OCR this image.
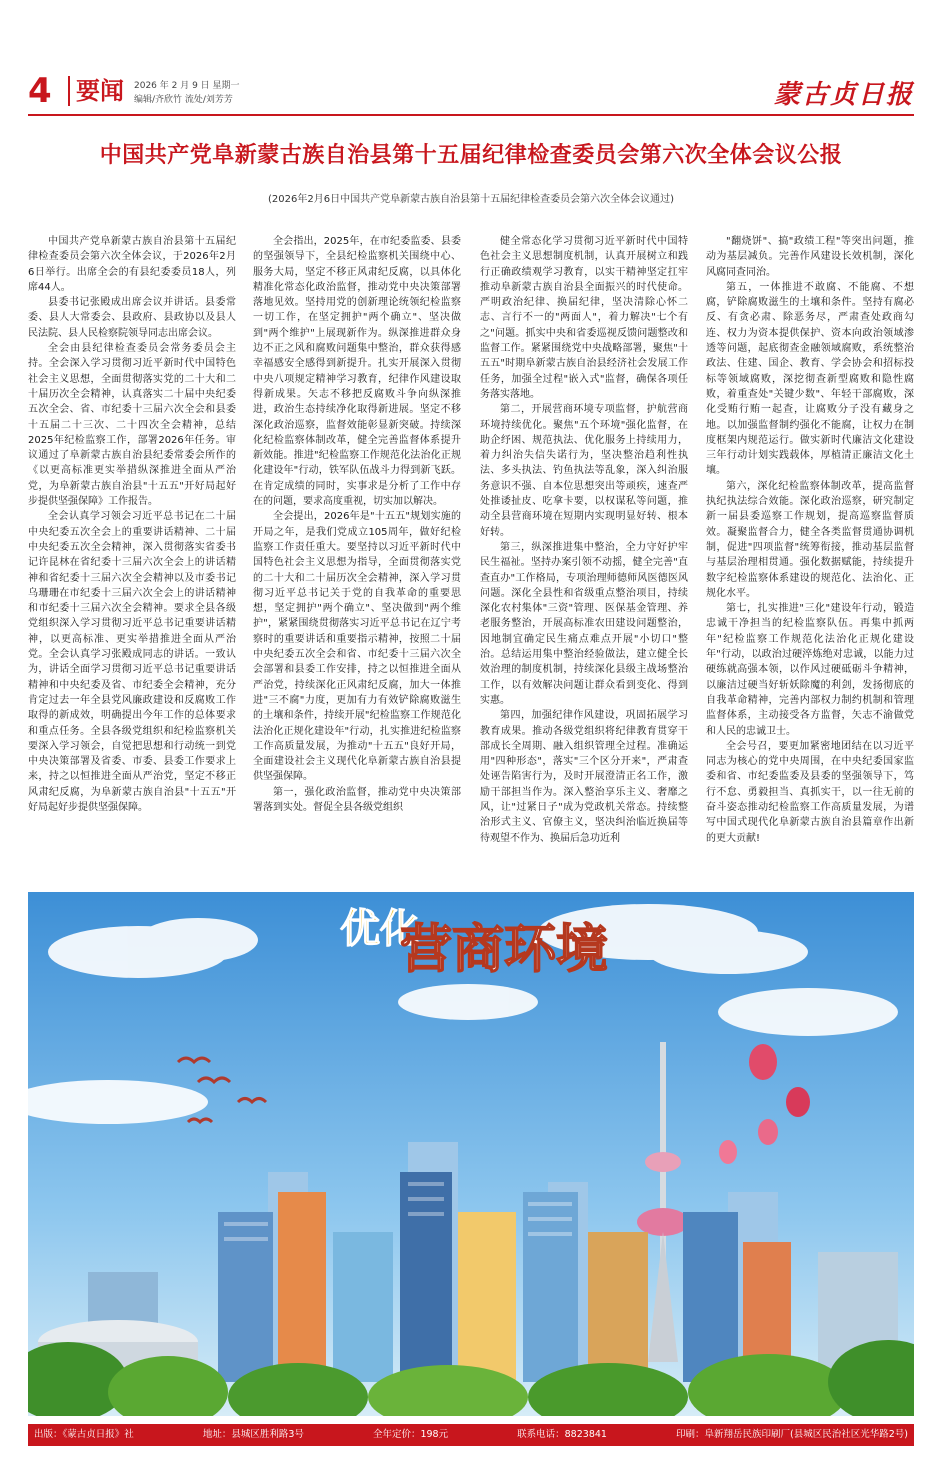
4	要闻 2026 年 2 月 9 日 星期一
编辑/齐欣竹 流处/刘芳芳	蒙古贞日报
中国共产党阜新蒙古族自治县第十五届纪律检查委员会第六次全体会议公报
(2026年2月6日中国共产党阜新蒙古族自治县第十五届纪律检查委员会第六次全体会议通过)

中国共产党阜新蒙古族自治县第十五届纪律检查委员会第六次全体会议，于2026年2月6日举行。出席全会的有县纪委委员18人，列席44人。

县委书记张殿成出席会议并讲话。县委常委、县人大常委会、县政府、县政协以及县人民法院、县人民检察院领导同志出席会议。

全会由县纪律检查委员会常务委员会主持。全会深入学习贯彻习近平新时代中国特色社会主义思想，全面贯彻落实党的二十大和二十届历次全会精神，认真落实二十届中央纪委五次全会、省、市纪委十三届六次全会和县委十五届二十三次、二十四次全会精神，总结2025年纪检监察工作，部署2026年任务。审议通过了阜新蒙古族自治县纪委常委会所作的《以更高标准更实举措纵深推进全面从严治党，为阜新蒙古族自治县"十五五"开好局起好步提供坚强保障》工作报告。

全会认真学习领会习近平总书记在二十届中央纪委五次全会上的重要讲话精神、二十届中央纪委五次全会精神，深入贯彻落实省委书记许昆林在省纪委十三届六次全会上的讲话精神和省纪委十三届六次全会精神以及市委书记乌珊珊在市纪委十三届六次全会上的讲话精神和市纪委十三届六次全会精神。要求全县各级党组织深入学习贯彻习近平总书记重要讲话精神，以更高标准、更实举措推进全面从严治党。全会认真学习张殿成同志的讲话。一致认为，讲话全面学习贯彻习近平总书记重要讲话精神和中央纪委及省、市纪委全会精神，充分肯定过去一年全县党风廉政建设和反腐败工作取得的新成效，明确提出今年工作的总体要求和重点任务。全县各级党组织和纪检监察机关要深入学习领会，自觉把思想和行动统一到党中央决策部署及省委、市委、县委工作要求上来，持之以恒推进全面从严治党，坚定不移正风肃纪反腐，为阜新蒙古族自治县"十五五"开好局起好步提供坚强保障。

全会指出，2025年，在市纪委监委、县委的坚强领导下，全县纪检监察机关围绕中心、服务大局，坚定不移正风肃纪反腐，以具体化精准化常态化政治监督，推动党中央决策部署落地见效。坚持用党的创新理论统领纪检监察一切工作，在坚定拥护"两个确立"、坚决做到"两个维护"上展现新作为。纵深推进群众身边不正之风和腐败问题集中整治，群众获得感幸福感安全感得到新提升。扎实开展深入贯彻中央八项规定精神学习教育，纪律作风建设取得新成果。矢志不移把反腐败斗争向纵深推进，政治生态持续净化取得新进展。坚定不移深化政治巡察，监督效能彰显新突破。持续深化纪检监察体制改革，健全完善监督体系提升新效能。推进"纪检监察工作规范化法治化正规化建设年"行动，铁军队伍战斗力得到新飞跃。在肯定成绩的同时，实事求是分析了工作中存在的问题，要求高度重视，切实加以解决。

全会提出，2026年是"十五五"规划实施的开局之年，是我们党成立105周年，做好纪检监察工作责任重大。要坚持以习近平新时代中国特色社会主义思想为指导，全面贯彻落实党的二十大和二十届历次全会精神，深入学习贯彻习近平总书记关于党的自我革命的重要思想，坚定拥护"两个确立"、坚决做到"两个维护"，紧紧围绕贯彻落实习近平总书记在辽宁考察时的重要讲话和重要指示精神，按照二十届中央纪委五次全会和省、市纪委十三届六次全会部署和县委工作安排，持之以恒推进全面从严治党，持续深化正风肃纪反腐，加大一体推进"三不腐"力度，更加有力有效铲除腐败滋生的土壤和条件，持续开展"纪检监察工作规范化法治化正规化建设年"行动，扎实推进纪检监察工作高质量发展，为推动"十五五"良好开局，全面建设社会主义现代化阜新蒙古族自治县提供坚强保障。

第一，强化政治监督，推动党中央决策部署落到实处。督促全县各级党组织

健全常态化学习贯彻习近平新时代中国特色社会主义思想制度机制，认真开展树立和践行正确政绩观学习教育，以实干精神坚定扛牢推动阜新蒙古族自治县全面振兴的时代使命。严明政治纪律、换届纪律，坚决清除心怀二志、言行不一的"两面人"，着力解决"七个有之"问题。抓实中央和省委巡视反馈问题整改和监督工作。紧紧围绕党中央战略部署，聚焦"十五五"时期阜新蒙古族自治县经济社会发展工作任务，加强全过程"嵌入式"监督，确保各项任务落实落地。

第二，开展营商环境专项监督，护航营商环境持续优化。聚焦"五个环境"强化监督，在助企纾困、规范执法、优化服务上持续用力，着力纠治失信失诺行为，坚决整治趋利性执法、多头执法、钓鱼执法等乱象，深入纠治服务意识不强、自本位思想突出等顽疾，速查严处推诿扯皮、吃拿卡要，以权谋私等问题，推动全县营商环境在短期内实现明显好转、根本好转。

第三，纵深推进集中整治，全力守好护牢民生福祉。坚持办案引领不动摇，健全完善"直查直办"工作格局，专项治理师德师风医德医风问题。深化全县性和省级重点整治项目，持续深化农村集体"三资"管理、医保基金管理、养老服务整治，开展高标准农田建设问题整治，因地制宜确定民生痛点难点开展"小切口"整治。总结运用集中整治经验做法，建立健全长效治理的制度机制，持续深化县级主战场整治工作，以有效解决问题让群众看到变化、得到实惠。

第四，加强纪律作风建设，巩固拓展学习教育成果。推动各级党组织将纪律教育贯穿干部成长全周期、融入组织管理全过程。准确运用"四种形态"，落实"三个区分开来"，严肃查处诬告陷害行为，及时开展澄清正名工作，激励干部担当作为。深入整治享乐主义、奢靡之风，让"过紧日子"成为党政机关常态。持续整治形式主义、官僚主义，坚决纠治临近换届等待观望不作为、换届后急功近利

"翻烧饼"、搞"政绩工程"等突出问题，推动为基层减负。完善作风建设长效机制，深化风腐同查同治。

第五，一体推进不敢腐、不能腐、不想腐，铲除腐败滋生的土壤和条件。坚持有腐必反、有贪必肃、除恶务尽，严肃查处政商勾连、权力为资本提供保护、资本向政治领域渗透等问题，起底彻查金融领域腐败，系统整治政法、住建、国企、教育、学会协会和招标投标等领域腐败，深挖彻查新型腐败和隐性腐败，着重查处"关键少数"、年轻干部腐败，深化受贿行贿一起查，让腐败分子没有藏身之地。以加强监督制约强化不能腐，让权力在制度框架内规范运行。做实新时代廉洁文化建设三年行动计划实践载体，厚植清正廉洁文化土壤。

第六，深化纪检监察体制改革，提高监督执纪执法综合效能。深化政治巡察，研究制定新一届县委巡察工作规划，提高巡察监督质效。凝聚监督合力，健全各类监督贯通协调机制，促进"四项监督"统筹衔接，推动基层监督与基层治理相贯通。强化数据赋能，持续提升数字纪检监察体系建设的规范化、法治化、正规化水平。

第七，扎实推进"三化"建设年行动，锻造忠诚干净担当的纪检监察队伍。再集中抓两年"纪检监察工作规范化法治化正规化建设年"行动，以政治过硬淬炼绝对忠诚，以能力过硬练就高强本领，以作风过硬砥砺斗争精神，以廉洁过硬当好斩妖除魔的利剑，发扬彻底的自我革命精神，完善内部权力制约机制和管理监督体系，主动接受各方监督，矢志不渝做党和人民的忠诚卫士。

全会号召，要更加紧密地团结在以习近平同志为核心的党中央周围，在中央纪委国家监委和省、市纪委监委及县委的坚强领导下，笃行不怠、勇毅担当、真抓实干，以一往无前的奋斗姿态推动纪检监察工作高质量发展，为谱写中国式现代化阜新蒙古族自治县篇章作出新的更大贡献!

优化
营商环境
出版：《蒙古贞日报》社	地址：县城区胜利路3号	全年定价：198元	联系电话：8823841	印刷：阜新翔岳民族印刷厂(县城区民治社区光华路2号)
